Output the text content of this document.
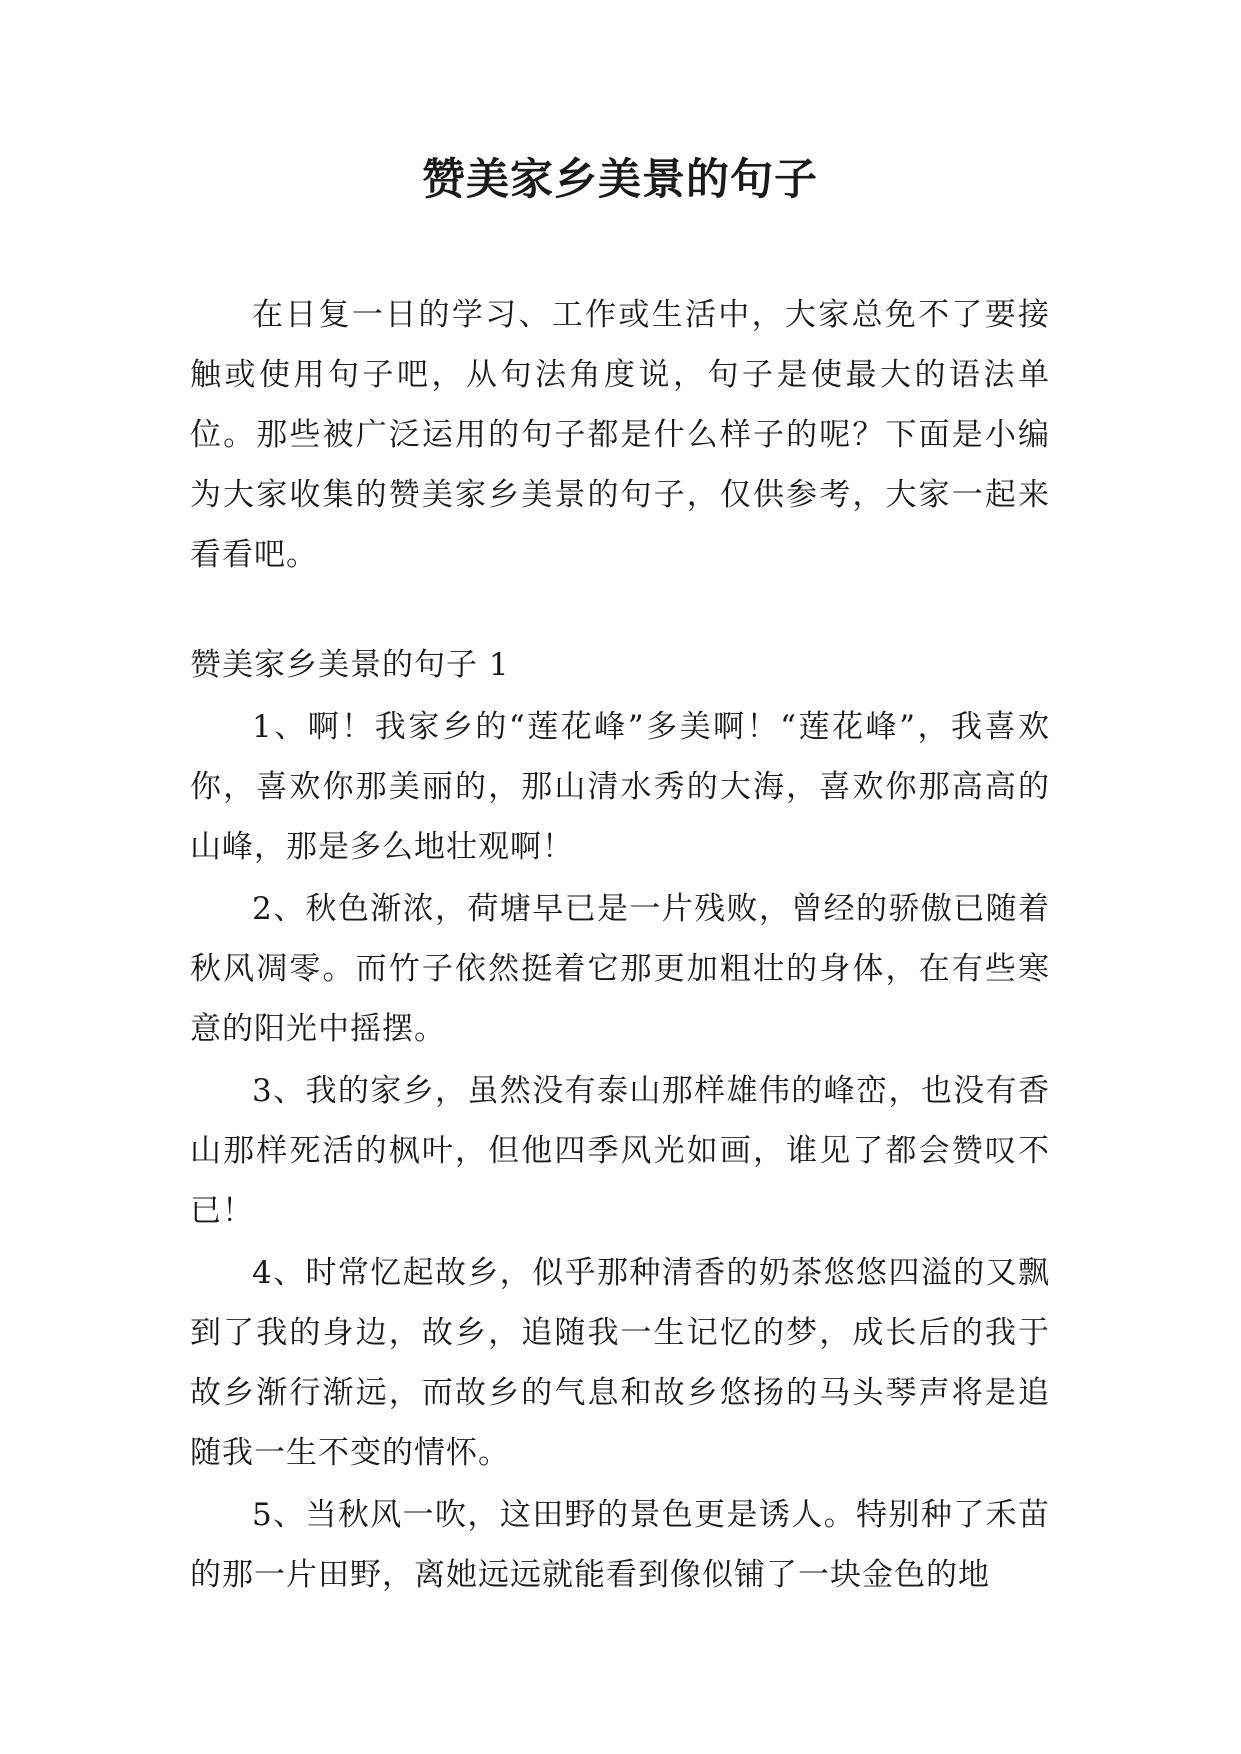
赞美家乡美景的句子

在日复一日的学习、工作或生活中，大家总免不了要接触或使用句子吧，从句法角度说，句子是使最大的语法单位。那些被广泛运用的句子都是什么样子的呢？下面是小编为大家收集的赞美家乡美景的句子，仅供参考，大家一起来看看吧。

赞美家乡美景的句子 1

1、啊！我家乡的“莲花峰”多美啊！“莲花峰”，我喜欢你，喜欢你那美丽的，那山清水秀的大海，喜欢你那高高的山峰，那是多么地壮观啊！

2、秋色渐浓，荷塘早已是一片残败，曾经的骄傲已随着秋风凋零。而竹子依然挺着它那更加粗壮的身体，在有些寒意的阳光中摇摆。

3、我的家乡，虽然没有泰山那样雄伟的峰峦，也没有香山那样死活的枫叶，但他四季风光如画，谁见了都会赞叹不已！

4、时常忆起故乡，似乎那种清香的奶茶悠悠四溢的又飘到了我的身边，故乡，追随我一生记忆的梦，成长后的我于故乡渐行渐远，而故乡的气息和故乡悠扬的马头琴声将是追随我一生不变的情怀。

5、当秋风一吹，这田野的景色更是诱人。特别种了禾苗的那一片田野，离她远远就能看到像似铺了一块金色的地
